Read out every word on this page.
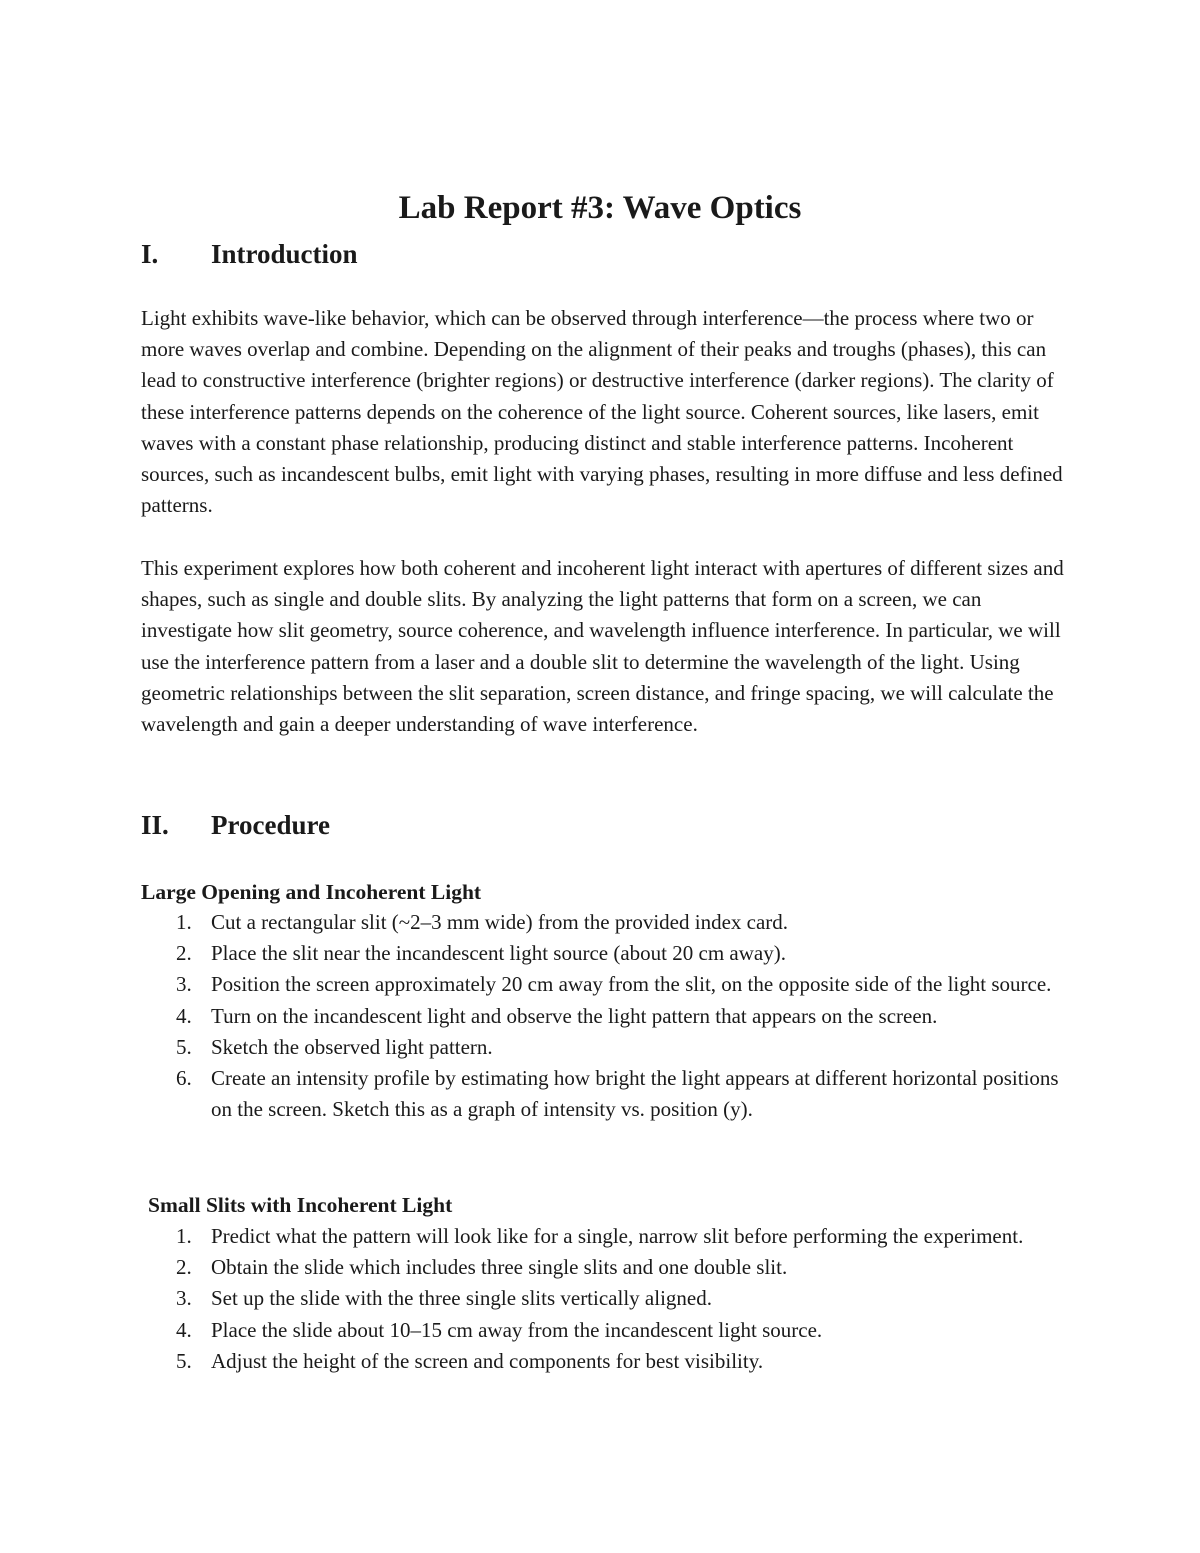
Lab Report #3: Wave Optics
I. Introduction

Light exhibits wave-like behavior, which can be observed through interference—the process where two or more waves overlap and combine. Depending on the alignment of their peaks and troughs (phases), this can lead to constructive interference (brighter regions) or destructive interference (darker regions). The clarity of these interference patterns depends on the coherence of the light source. Coherent sources, like lasers, emit waves with a constant phase relationship, producing distinct and stable interference patterns. Incoherent sources, such as incandescent bulbs, emit light with varying phases, resulting in more diffuse and less defined patterns.

This experiment explores how both coherent and incoherent light interact with apertures of different sizes and shapes, such as single and double slits. By analyzing the light patterns that form on a screen, we can investigate how slit geometry, source coherence, and wavelength influence interference. In particular, we will use the interference pattern from a laser and a double slit to determine the wavelength of the light. Using geometric relationships between the slit separation, screen distance, and fringe spacing, we will calculate the wavelength and gain a deeper understanding of wave interference.

II. Procedure
Large Opening and Incoherent Light
1. Cut a rectangular slit (~2–3 mm wide) from the provided index card.
2. Place the slit near the incandescent light source (about 20 cm away).
3. Position the screen approximately 20 cm away from the slit, on the opposite side of the light source.
4. Turn on the incandescent light and observe the light pattern that appears on the screen.
5. Sketch the observed light pattern.
6. Create an intensity profile by estimating how bright the light appears at different horizontal positions on the screen. Sketch this as a graph of intensity vs. position (y).
Small Slits with Incoherent Light
1. Predict what the pattern will look like for a single, narrow slit before performing the experiment.
2. Obtain the slide which includes three single slits and one double slit.
3. Set up the slide with the three single slits vertically aligned.
4. Place the slide about 10–15 cm away from the incandescent light source.
5. Adjust the height of the screen and components for best visibility.
